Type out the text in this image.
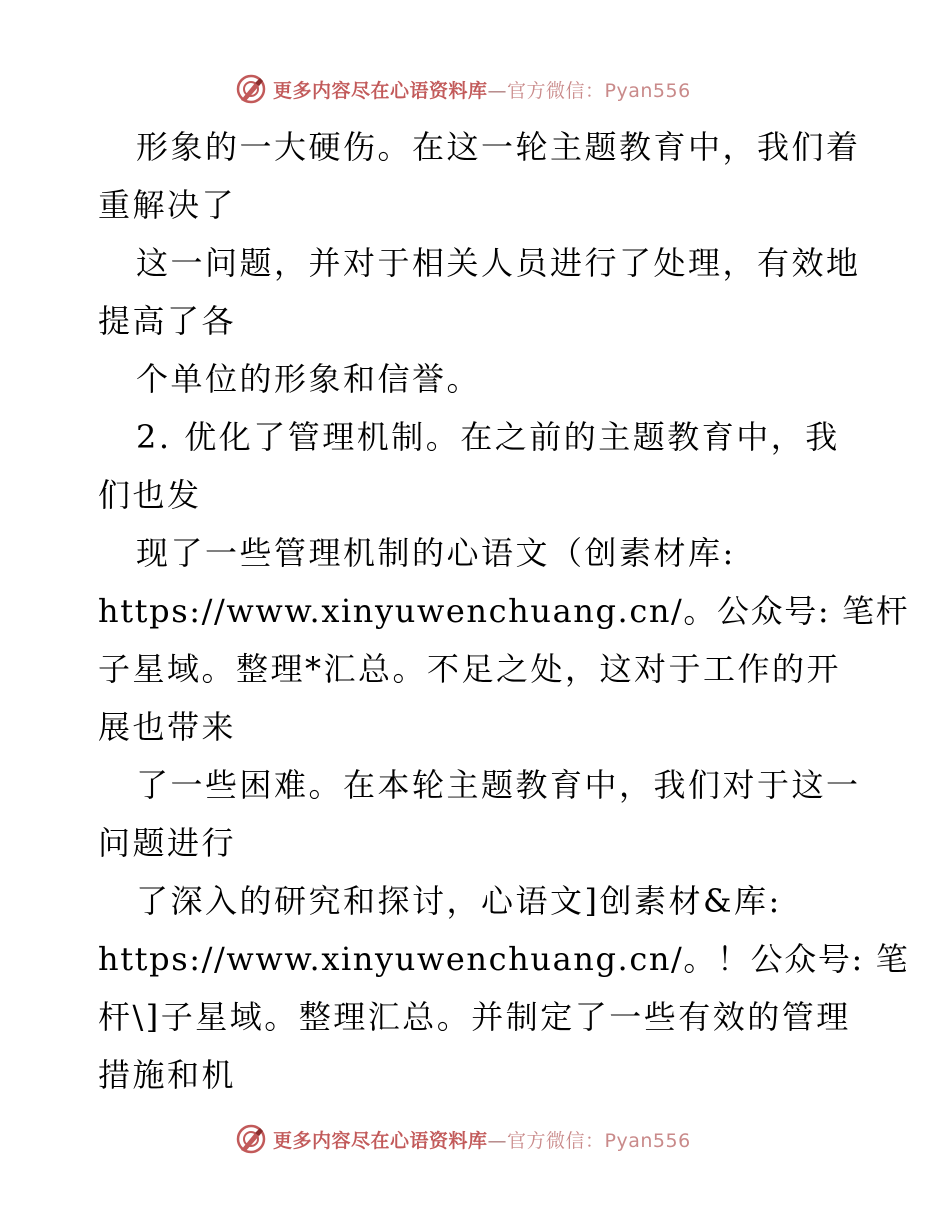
更多内容尽在心语资料库—官方微信：Pyan556
形象的一大硬伤。在这一轮主题教育中，我们着
重解决了
这一问题，并对于相关人员进行了处理，有效地
提高了各
个单位的形象和信誉。
2. 优化了管理机制。在之前的主题教育中，我
们也发
现了一些管理机制的心语文（创素材库:
https://www.xinyuwenchuang.cn/。公众号: 笔杆
子星域。整理*汇总。不足之处，这对于工作的开
展也带来
了一些困难。在本轮主题教育中，我们对于这一
问题进行
了深入的研究和探讨，心语文]创素材&库:
https://www.xinyuwenchuang.cn/。！公众号: 笔
杆\]子星域。整理汇总。并制定了一些有效的管理
措施和机
更多内容尽在心语资料库—官方微信：Pyan556
